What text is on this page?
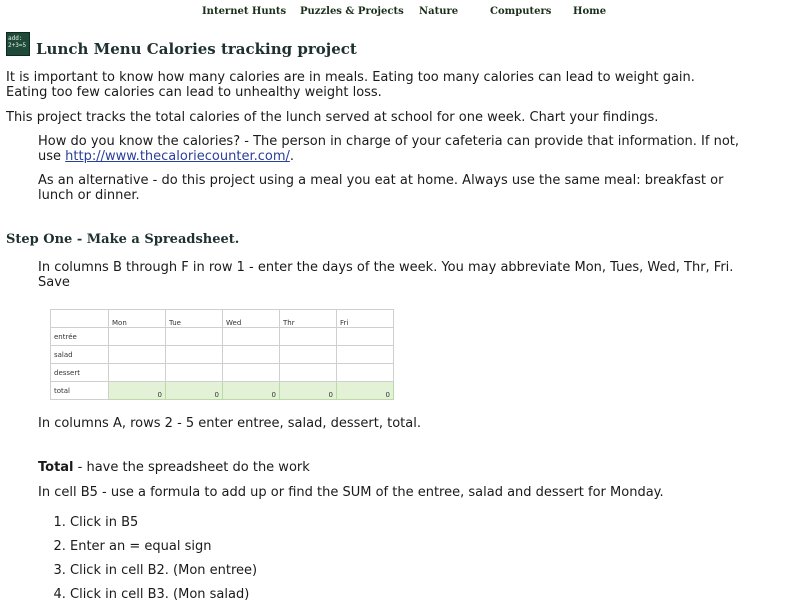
Internet Hunts Puzzles & Projects Nature	Computers Home
add: 2+3=5 Lunch Menu Calories tracking project

It is important to know how many calories are in meals. Eating too many calories can lead to weight gain. Eating too few calories can lead to unhealthy weight loss.

This project tracks the total calories of the lunch served at school for one week. Chart your findings.

How do you know the calories? - The person in charge of your cafeteria can provide that information. If not, use http://www.thecaloriecounter.com/.

As an alternative - do this project using a meal you eat at home. Always use the same meal: breakfast or lunch or dinner.

Step One - Make a Spreadsheet.

In columns B through F in row 1 - enter the days of the week. You may abbreviate Mon, Tues, Wed, Thr, Fri. Save

	Mon	Tue	Wed	Thr	Fri
entrée					
salad					
dessert					
total	0	0	0	0	0

In columns A, rows 2 - 5 enter entree, salad, dessert, total.

Total - have the spreadsheet do the work

In cell B5 - use a formula to add up or find the SUM of the entree, salad and dessert for Monday.

1. Click in B5
2. Enter an = equal sign
3. Click in cell B2. (Mon entree)
4. Click in cell B3. (Mon salad)
